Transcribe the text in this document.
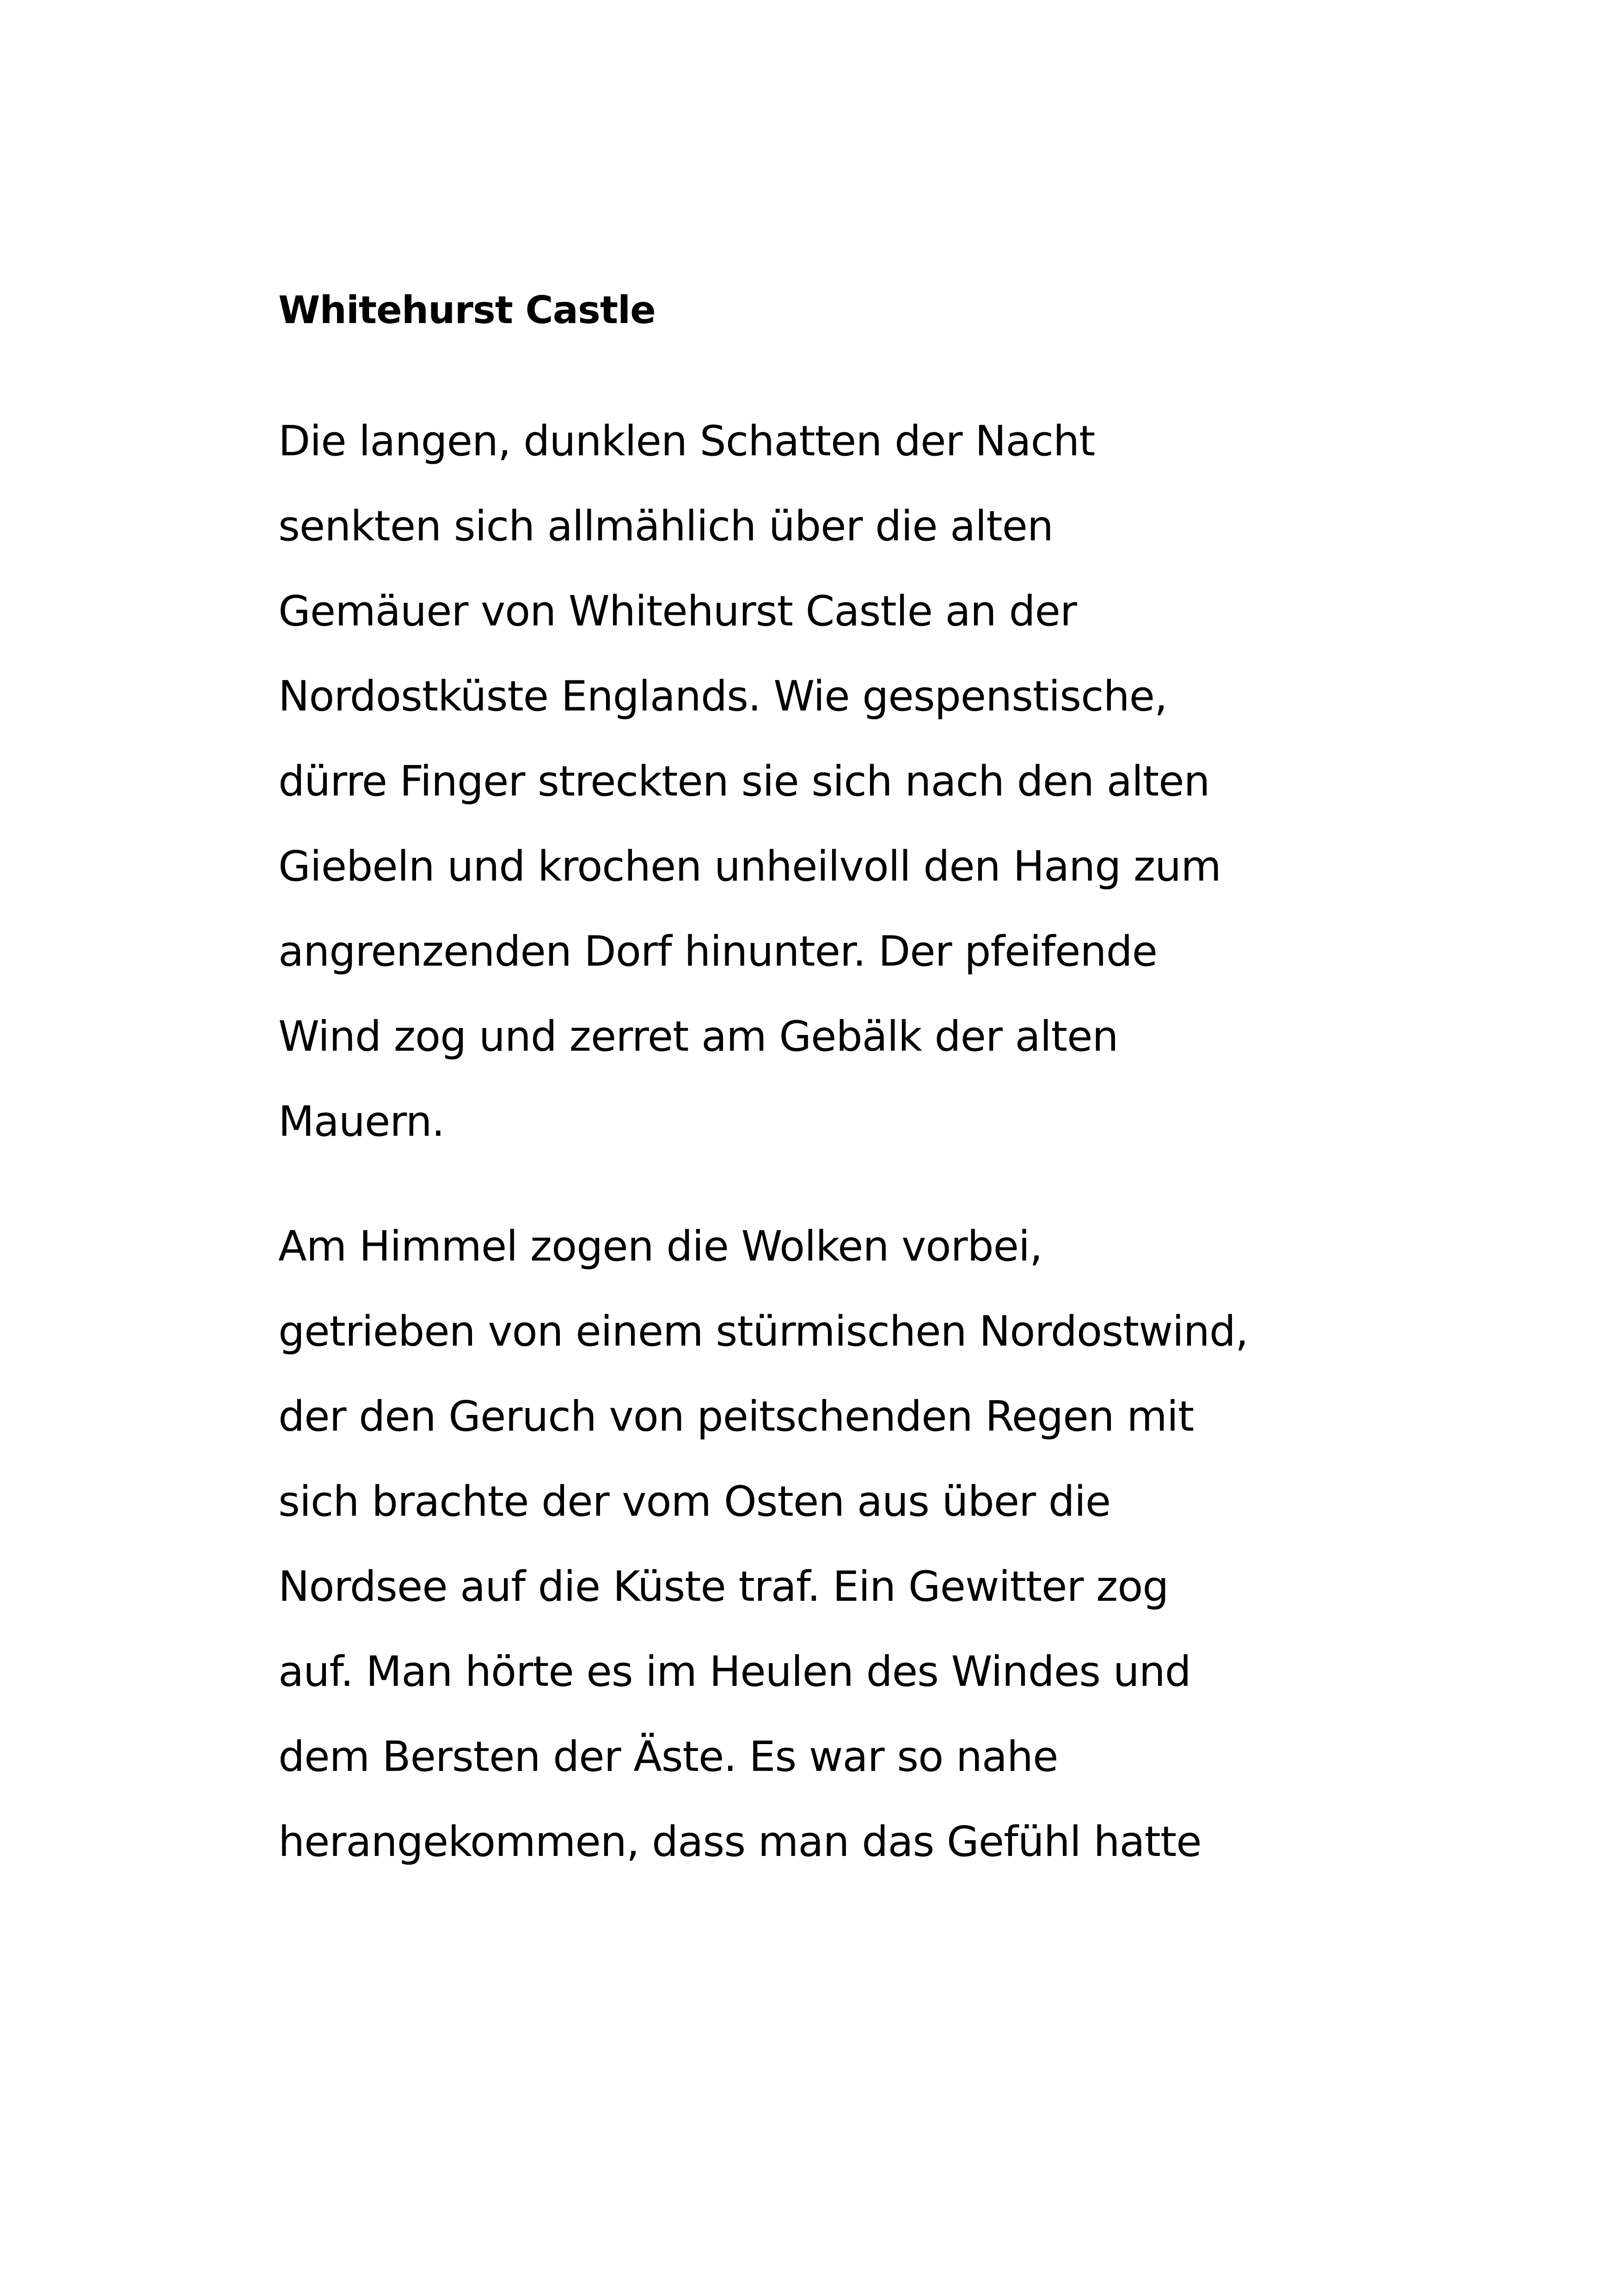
Whitehurst Castle
Die langen, dunklen Schatten der Nacht
senkten sich allmählich über die alten
Gemäuer von Whitehurst Castle an der
Nordostküste Englands. Wie gespenstische,
dürre Finger streckten sie sich nach den alten
Giebeln und krochen unheilvoll den Hang zum
angrenzenden Dorf hinunter. Der pfeifende
Wind zog und zerret am Gebälk der alten
Mauern.
Am Himmel zogen die Wolken vorbei,
getrieben von einem stürmischen Nordostwind,
der den Geruch von peitschenden Regen mit
sich brachte der vom Osten aus über die
Nordsee auf die Küste traf. Ein Gewitter zog
auf. Man hörte es im Heulen des Windes und
dem Bersten der Äste. Es war so nahe
herangekommen, dass man das Gefühl hatte
